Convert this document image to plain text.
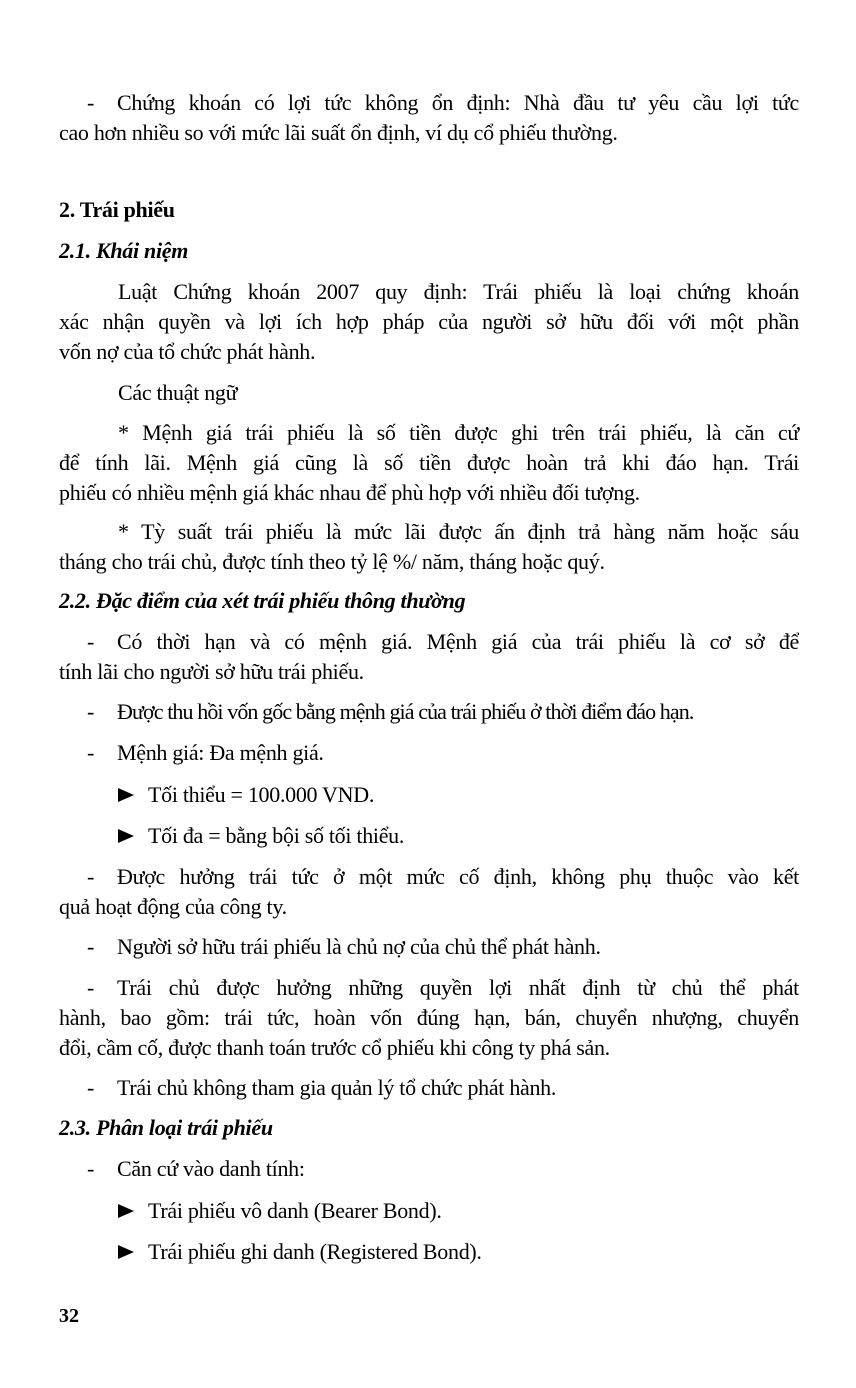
- Chứng khoán có lợi tức không ổn định: Nhà đầu tư yêu cầu lợi tức
cao hơn nhiều so với mức lãi suất ổn định, ví dụ cổ phiếu thường.
2. Trái phiếu
2.1. Khái niệm
Luật Chứng khoán 2007 quy định: Trái phiếu là loại chứng khoán
xác nhận quyền và lợi ích hợp pháp của người sở hữu đối với một phần
vốn nợ của tổ chức phát hành.
Các thuật ngữ
* Mệnh giá trái phiếu là số tiền được ghi trên trái phiếu, là căn cứ
để tính lãi. Mệnh giá cũng là số tiền được hoàn trả khi đáo hạn. Trái
phiếu có nhiều mệnh giá khác nhau để phù hợp với nhiều đối tượng.
* Tỳ suất trái phiếu là mức lãi được ấn định trả hàng năm hoặc sáu
tháng cho trái chủ, được tính theo tỷ lệ %/ năm, tháng hoặc quý.
2.2. Đặc điểm của xét trái phiếu thông thường
- Có thời hạn và có mệnh giá. Mệnh giá của trái phiếu là cơ sở để
tính lãi cho người sở hữu trái phiếu.
- Được thu hồi vốn gốc bằng mệnh giá của trái phiếu ở thời điểm đáo hạn.
- Mệnh giá: Đa mệnh giá.
Tối thiểu = 100.000 VND.
Tối đa = bằng bội số tối thiểu.
- Được hưởng trái tức ở một mức cố định, không phụ thuộc vào kết
quả hoạt động của công ty.
- Người sở hữu trái phiếu là chủ nợ của chủ thể phát hành.
- Trái chủ được hưởng những quyền lợi nhất định từ chủ thể phát
hành, bao gồm: trái tức, hoàn vốn đúng hạn, bán, chuyển nhượng, chuyển
đổi, cầm cố, được thanh toán trước cổ phiếu khi công ty phá sản.
- Trái chủ không tham gia quản lý tổ chức phát hành.
2.3. Phân loại trái phiếu
- Căn cứ vào danh tính:
Trái phiếu vô danh (Bearer Bond).
Trái phiếu ghi danh (Registered Bond).
32
